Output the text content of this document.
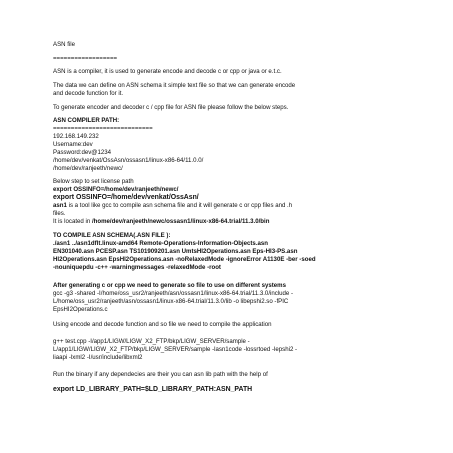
ASN file
==================
ASN is a compiler, it is used to generate encode and decode c or cpp or java or e.t.c.
The data we can define on ASN schema it simple text file so that we can generate encode
and decode function for it.
To generate encoder and decoder c / cpp file for ASN file please follow the below steps.
ASN COMPILER PATH:
============================
192.168.149.232
Username:dev
Password:dev@1234
/home/dev/venkat/OssAsn/ossasn1/linux-x86-64/11.0.0/
/home/dev/ranjeeth/newc/
Below step to set license path
export OSSINFO=/home/dev/ranjeeth/newc/
export OSSINFO=/home/dev/venkat/OssAsn/
asn1 is a tool like gcc to compile asn schema file and it will generate c or cpp files and .h
files.
It is located in /home/dev/ranjeeth/newc/ossasn1/linux-x86-64.trial/11.3.0/bin
TO COMPILE ASN SCHEMA(.ASN FILE ):
./asn1 ../asn1dflt.linux-amd64 Remote-Operations-Information-Objects.asn
EN301040.asn PCESP.asn TS101909201.asn UmtsHI2Operations.asn Eps-HI3-PS.asn
HI2Operations.asn EpsHI2Operations.asn -noRelaxedMode -ignoreError A1130E -ber -soed
-nouniquepdu -c++ -warningmessages -relaxedMode -root
After generating c or cpp we need to generate so file to use on different systems
gcc -g3 -shared -I/home/oss_usr2/ranjeeth/asn/ossasn1/linux-x86-64.trial/11.3.0/include -
L/home/oss_usr2/ranjeeth/asn/ossasn1/linux-x86-64.trial/11.3.0/lib -o libepshi2.so -fPIC
EpsHI2Operations.c
Using encode and decode function and so file we need to compile the application
g++ test.cpp -I/app1/LIGW/LIGW_X2_FTP/bkp/LIGW_SERVER/sample -
L/app1/LIGW/LIGW_X2_FTP/bkp/LIGW_SERVER/sample -lasn1code -lossrtoed -lepshi2 -
liaapi -lxml2 -I/usr/include/libxml2
Run the binary if any dependecies are their you can asn lib path with the help of
export LD_LIBRARY_PATH=$LD_LIBRARY_PATH:ASN_PATH
